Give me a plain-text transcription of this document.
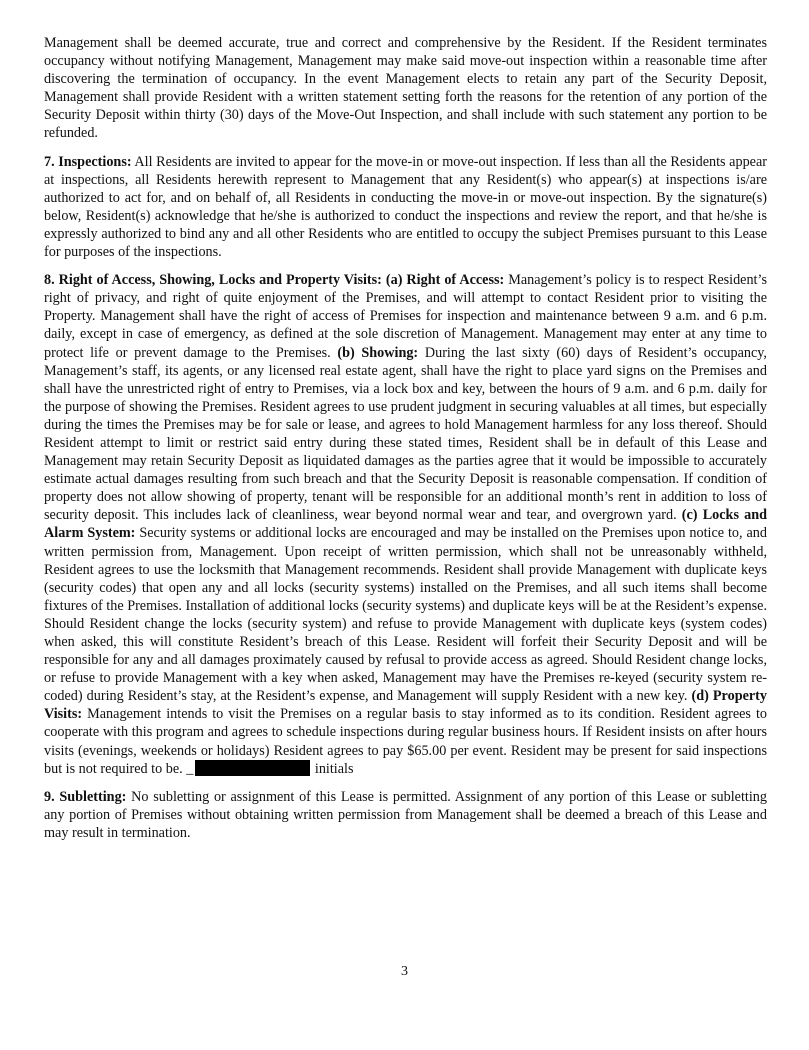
Management shall be deemed accurate, true and correct and comprehensive by the Resident. If the Resident terminates occupancy without notifying Management, Management may make said move-out inspection within a reasonable time after discovering the termination of occupancy. In the event Management elects to retain any part of the Security Deposit, Management shall provide Resident with a written statement setting forth the reasons for the retention of any portion of the Security Deposit within thirty (30) days of the Move-Out Inspection, and shall include with such statement any portion to be refunded.

7. Inspections: All Residents are invited to appear for the move-in or move-out inspection. If less than all the Residents appear at inspections, all Residents herewith represent to Management that any Resident(s) who appear(s) at inspections is/are authorized to act for, and on behalf of, all Residents in conducting the move-in or move-out inspection. By the signature(s) below, Resident(s) acknowledge that he/she is authorized to conduct the inspections and review the report, and that he/she is expressly authorized to bind any and all other Residents who are entitled to occupy the subject Premises pursuant to this Lease for purposes of the inspections.

8. Right of Access, Showing, Locks and Property Visits: (a) Right of Access: Management’s policy is to respect Resident’s right of privacy, and right of quite enjoyment of the Premises, and will attempt to contact Resident prior to visiting the Property. Management shall have the right of access of Premises for inspection and maintenance between 9 a.m. and 6 p.m. daily, except in case of emergency, as defined at the sole discretion of Management. Management may enter at any time to protect life or prevent damage to the Premises. (b) Showing: During the last sixty (60) days of Resident’s occupancy, Management’s staff, its agents, or any licensed real estate agent, shall have the right to place yard signs on the Premises and shall have the unrestricted right of entry to Premises, via a lock box and key, between the hours of 9 a.m. and 6 p.m. daily for the purpose of showing the Premises. Resident agrees to use prudent judgment in securing valuables at all times, but especially during the times the Premises may be for sale or lease, and agrees to hold Management harmless for any loss thereof. Should Resident attempt to limit or restrict said entry during these stated times, Resident shall be in default of this Lease and Management may retain Security Deposit as liquidated damages as the parties agree that it would be impossible to accurately estimate actual damages resulting from such breach and that the Security Deposit is reasonable compensation. If condition of property does not allow showing of property, tenant will be responsible for an additional month’s rent in addition to loss of security deposit. This includes lack of cleanliness, wear beyond normal wear and tear, and overgrown yard. (c) Locks and Alarm System: Security systems or additional locks are encouraged and may be installed on the Premises upon notice to, and written permission from, Management. Upon receipt of written permission, which shall not be unreasonably withheld, Resident agrees to use the locksmith that Management recommends. Resident shall provide Management with duplicate keys (security codes) that open any and all locks (security systems) installed on the Premises, and all such items shall become fixtures of the Premises. Installation of additional locks (security systems) and duplicate keys will be at the Resident’s expense. Should Resident change the locks (security system) and refuse to provide Management with duplicate keys (system codes) when asked, this will constitute Resident’s breach of this Lease. Resident will forfeit their Security Deposit and will be responsible for any and all damages proximately caused by refusal to provide access as agreed. Should Resident change locks, or refuse to provide Management with a key when asked, Management may have the Premises re-keyed (security system re-coded) during Resident’s stay, at the Resident’s expense, and Management will supply Resident with a new key. (d) Property Visits: Management intends to visit the Premises on a regular basis to stay informed as to its condition. Resident agrees to cooperate with this program and agrees to schedule inspections during regular business hours. If Resident insists on after hours visits (evenings, weekends or holidays) Resident agrees to pay $65.00 per event. Resident may be present for said inspections but is not required to be. _	initials

9. Subletting: No subletting or assignment of this Lease is permitted. Assignment of any portion of this Lease or subletting any portion of Premises without obtaining written permission from Management shall be deemed a breach of this Lease and may result in termination.

3
